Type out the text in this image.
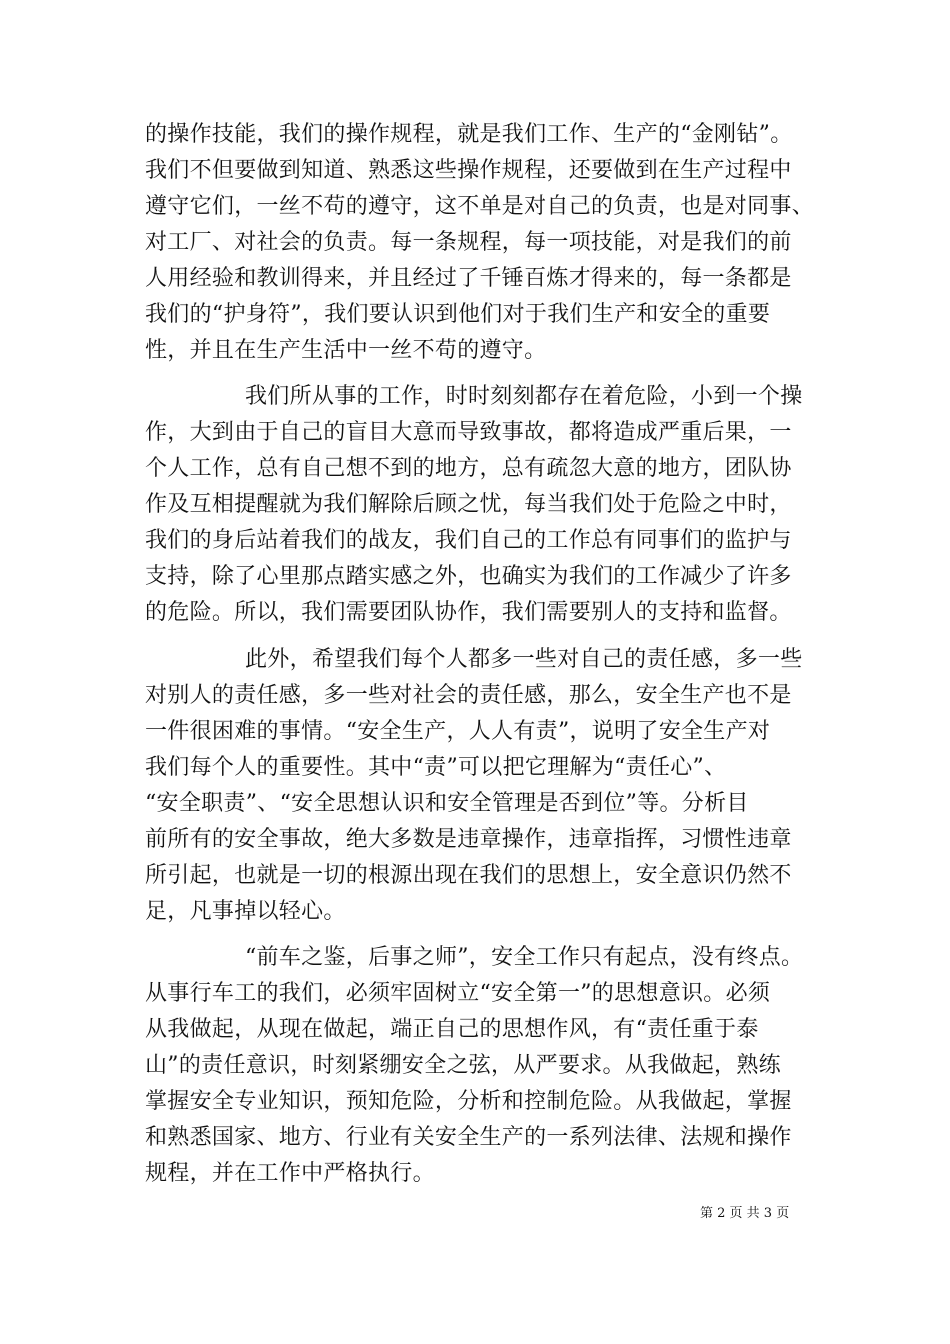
的操作技能，我们的操作规程，就是我们工作、生产的“金刚钻”。
我们不但要做到知道、熟悉这些操作规程，还要做到在生产过程中
遵守它们，一丝不苟的遵守，这不单是对自己的负责，也是对同事、
对工厂、对社会的负责。每一条规程，每一项技能，对是我们的前
人用经验和教训得来，并且经过了千锤百炼才得来的，每一条都是
我们的“护身符”，我们要认识到他们对于我们生产和安全的重要
性，并且在生产生活中一丝不苟的遵守。
我们所从事的工作，时时刻刻都存在着危险，小到一个操
作，大到由于自己的盲目大意而导致事故，都将造成严重后果，一
个人工作，总有自己想不到的地方，总有疏忽大意的地方，团队协
作及互相提醒就为我们解除后顾之忧，每当我们处于危险之中时，
我们的身后站着我们的战友，我们自己的工作总有同事们的监护与
支持，除了心里那点踏实感之外，也确实为我们的工作减少了许多
的危险。所以，我们需要团队协作，我们需要别人的支持和监督。
此外，希望我们每个人都多一些对自己的责任感，多一些
对别人的责任感，多一些对社会的责任感，那么，安全生产也不是
一件很困难的事情。“安全生产，人人有责”，说明了安全生产对
我们每个人的重要性。其中“责”可以把它理解为“责任心”、
“安全职责”、“安全思想认识和安全管理是否到位”等。分析目
前所有的安全事故，绝大多数是违章操作，违章指挥，习惯性违章
所引起，也就是一切的根源出现在我们的思想上，安全意识仍然不
足，凡事掉以轻心。
“前车之鉴，后事之师”，安全工作只有起点，没有终点。
从事行车工的我们，必须牢固树立“安全第一”的思想意识。必须
从我做起，从现在做起，端正自己的思想作风，有“责任重于泰
山”的责任意识，时刻紧绷安全之弦，从严要求。从我做起，熟练
掌握安全专业知识，预知危险，分析和控制危险。从我做起，掌握
和熟悉国家、地方、行业有关安全生产的一系列法律、法规和操作
规程，并在工作中严格执行。
第 2 页 共 3 页
